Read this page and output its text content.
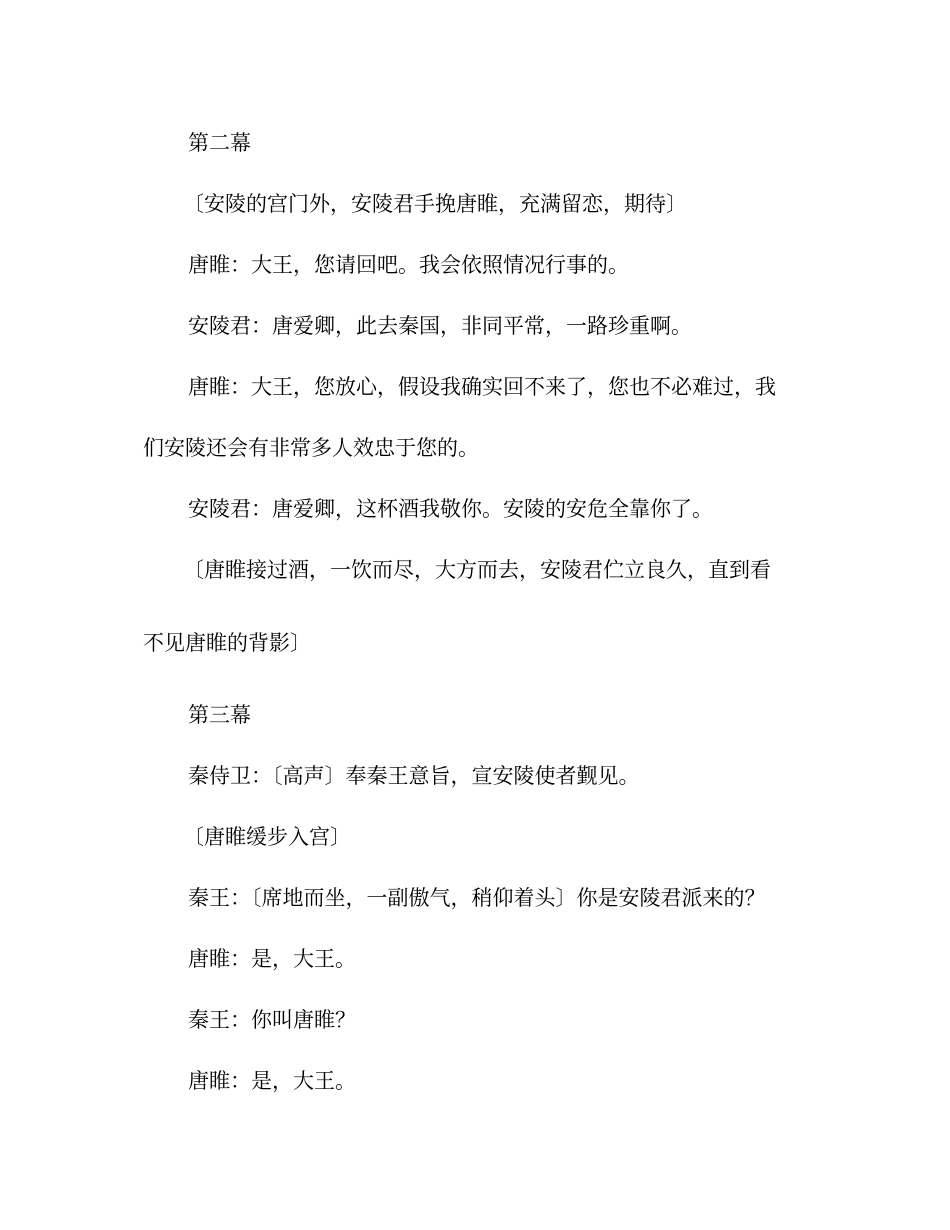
第二幕
〔安陵的宫门外，安陵君手挽唐睢，充满留恋，期待〕
唐睢：大王，您请回吧。我会依照情况行事的。
安陵君：唐爱卿，此去秦国，非同平常，一路珍重啊。
唐睢：大王，您放心，假设我确实回不来了，您也不必难过，我
们安陵还会有非常多人效忠于您的。
安陵君：唐爱卿，这杯酒我敬你。安陵的安危全靠你了。
〔唐睢接过酒，一饮而尽，大方而去，安陵君伫立良久，直到看
不见唐睢的背影〕
第三幕
秦侍卫：〔高声〕奉秦王意旨，宣安陵使者觐见。
〔唐睢缓步入宫〕
秦王：〔席地而坐，一副傲气，稍仰着头〕你是安陵君派来的？
唐睢：是，大王。
秦王：你叫唐睢？
唐睢：是，大王。
